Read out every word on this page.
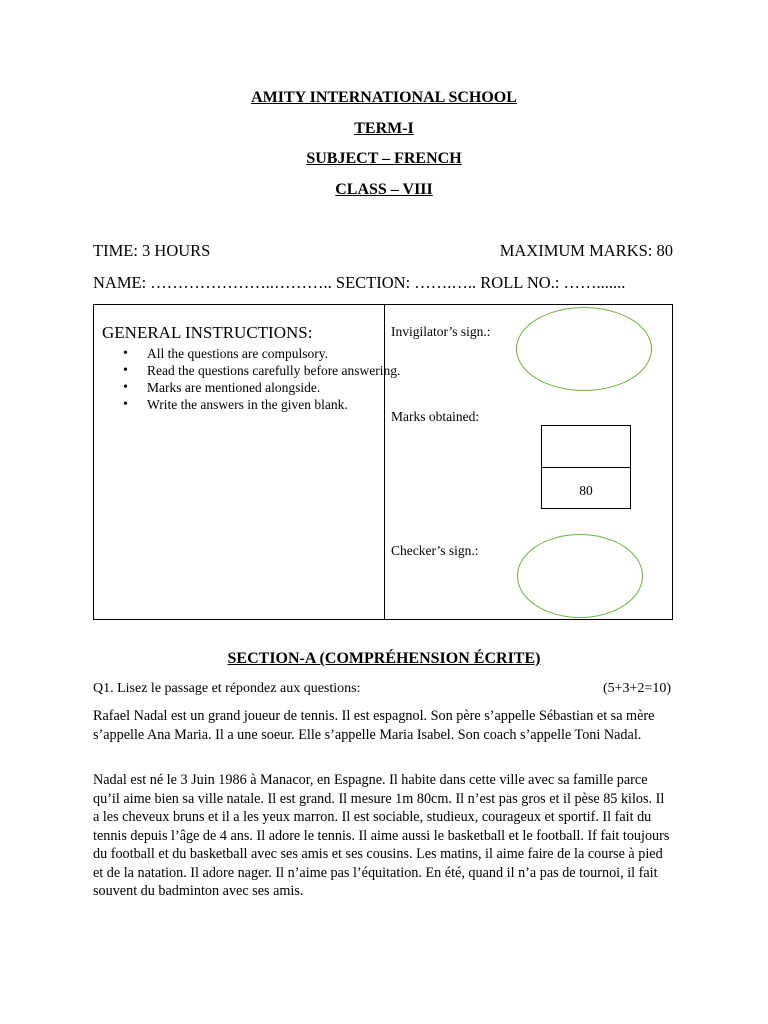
AMITY INTERNATIONAL SCHOOL
TERM-I
SUBJECT – FRENCH
CLASS – VIII
TIME: 3 HOURS	MAXIMUM MARKS: 80
NAME: …………………..……….. SECTION: …….….. ROLL NO.: …….......
GENERAL INSTRUCTIONS:
• All the questions are compulsory.
• Read the questions carefully before answering.
• Marks are mentioned alongside.
• Write the answers in the given blank.
Invigilator’s sign.:
Marks obtained:
80
Checker’s sign.:
SECTION-A (COMPRÉHENSION ÉCRITE)
Q1. Lisez le passage et répondez aux questions:	(5+3+2=10)

Rafael Nadal est un grand joueur de tennis. Il est espagnol. Son père s’appelle Sébastian et sa mère s’appelle Ana Maria. Il a une soeur. Elle s’appelle Maria Isabel. Son coach s’appelle Toni Nadal.

Nadal est né le 3 Juin 1986 à Manacor, en Espagne. Il habite dans cette ville avec sa famille parce qu’il aime bien sa ville natale. Il est grand. Il mesure 1m 80cm. Il n’est pas gros et il pèse 85 kilos. Il a les cheveux bruns et il a les yeux marron. Il est sociable, studieux, courageux et sportif. Il fait du tennis depuis l’âge de 4 ans. Il adore le tennis. Il aime aussi le basketball et le football. If fait toujours du football et du basketball avec ses amis et ses cousins. Les matins, il aime faire de la course à pied et de la natation. Il adore nager. Il n’aime pas l’équitation. En été, quand il n’a pas de tournoi, il fait souvent du badminton avec ses amis.
